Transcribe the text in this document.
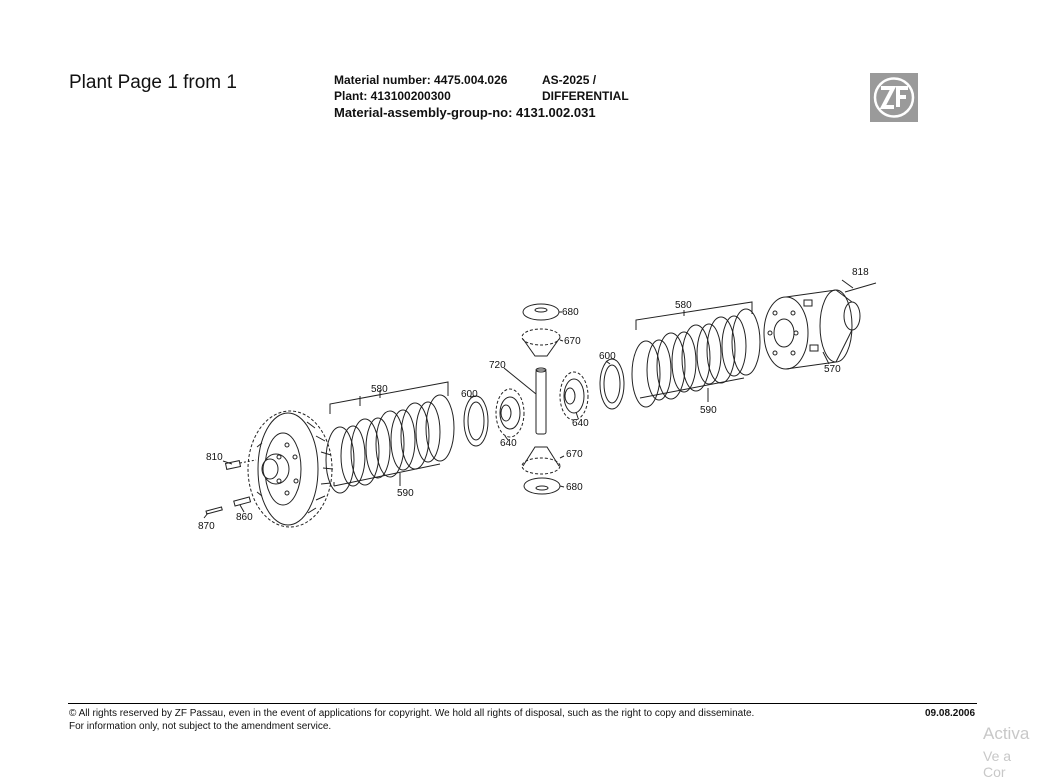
Plant Page 1 from 1	Material number: 4475.004.026
Plant: 413100200300
AS-2025 /
DIFFERENTIAL
Material-assembly-group-no: 4131.002.031
818
570
580
590
600
680
670
720
640
640
670
680
600
580
590
810
860
870
© All rights reserved by ZF Passau, even in the event of applications for copyright. We hold all rights of disposal, such as the right to copy and disseminate.
For information only, not subject to the amendment service.
09.08.2006
Activa
Ve a Cor
